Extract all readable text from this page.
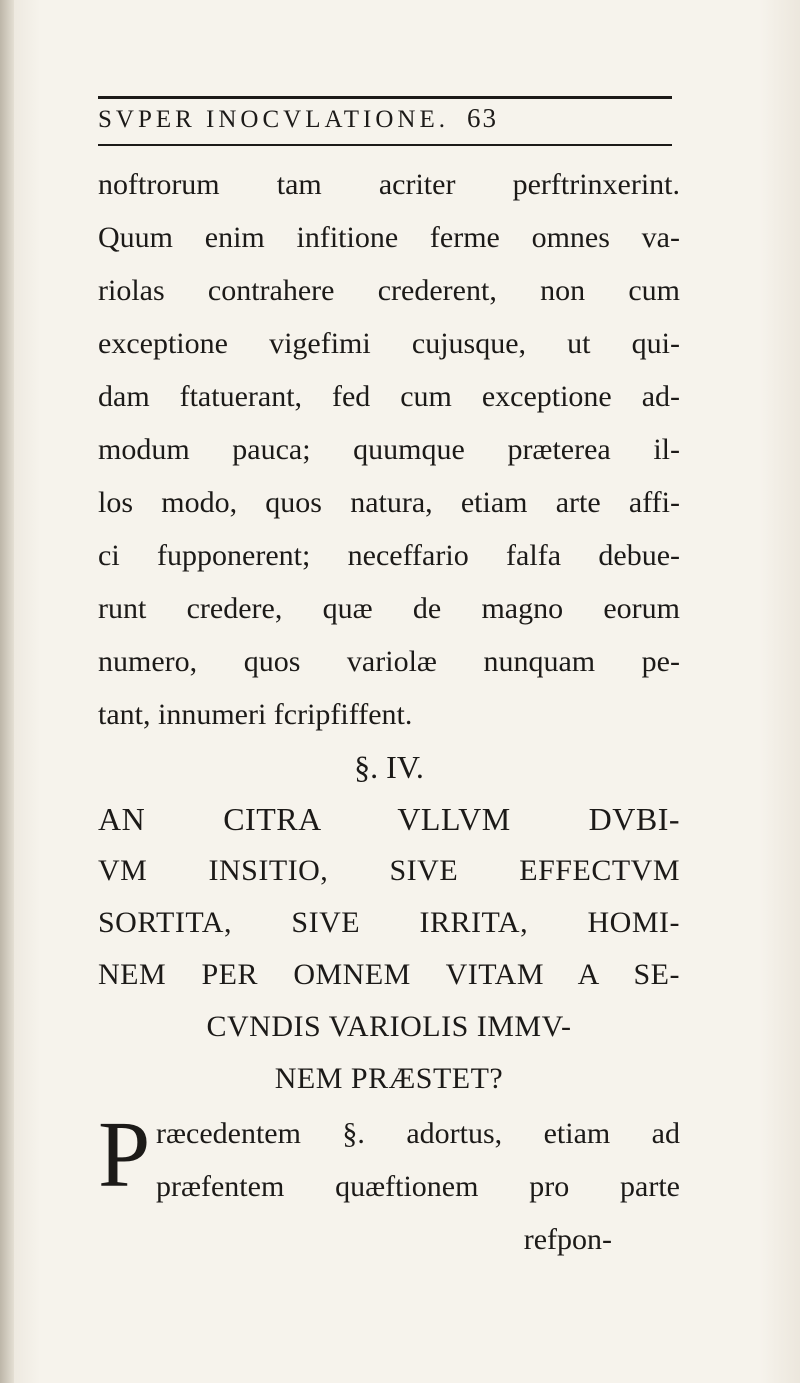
SVPER INOCVLATIONE. 63
noftrorum tam acriter perftrinxerint.
Quum enim infitione ferme omnes va-
riolas contrahere crederent, non cum
exceptione vigefimi cujusque, ut qui-
dam ftatuerant, fed cum exceptione ad-
modum pauca; quumque præterea il-
los modo, quos natura, etiam arte affi-
ci fupponerent; neceffario falfa debue-
runt credere, quæ de magno eorum
numero, quos variolæ nunquam pe-
tant, innumeri fcripfiffent.
§. IV.
AN CITRA VLLVM DVBI-
VM INSITIO, SIVE EFFECTVM
SORTITA, SIVE IRRITA, HOMI-
NEM PER OMNEM VITAM A SE-
CVNDIS VARIOLIS IMMV-
NEM PRÆSTET?
P ræcedentem §. adortus, etiam ad
præfentem quæftionem pro parte
refpon-
